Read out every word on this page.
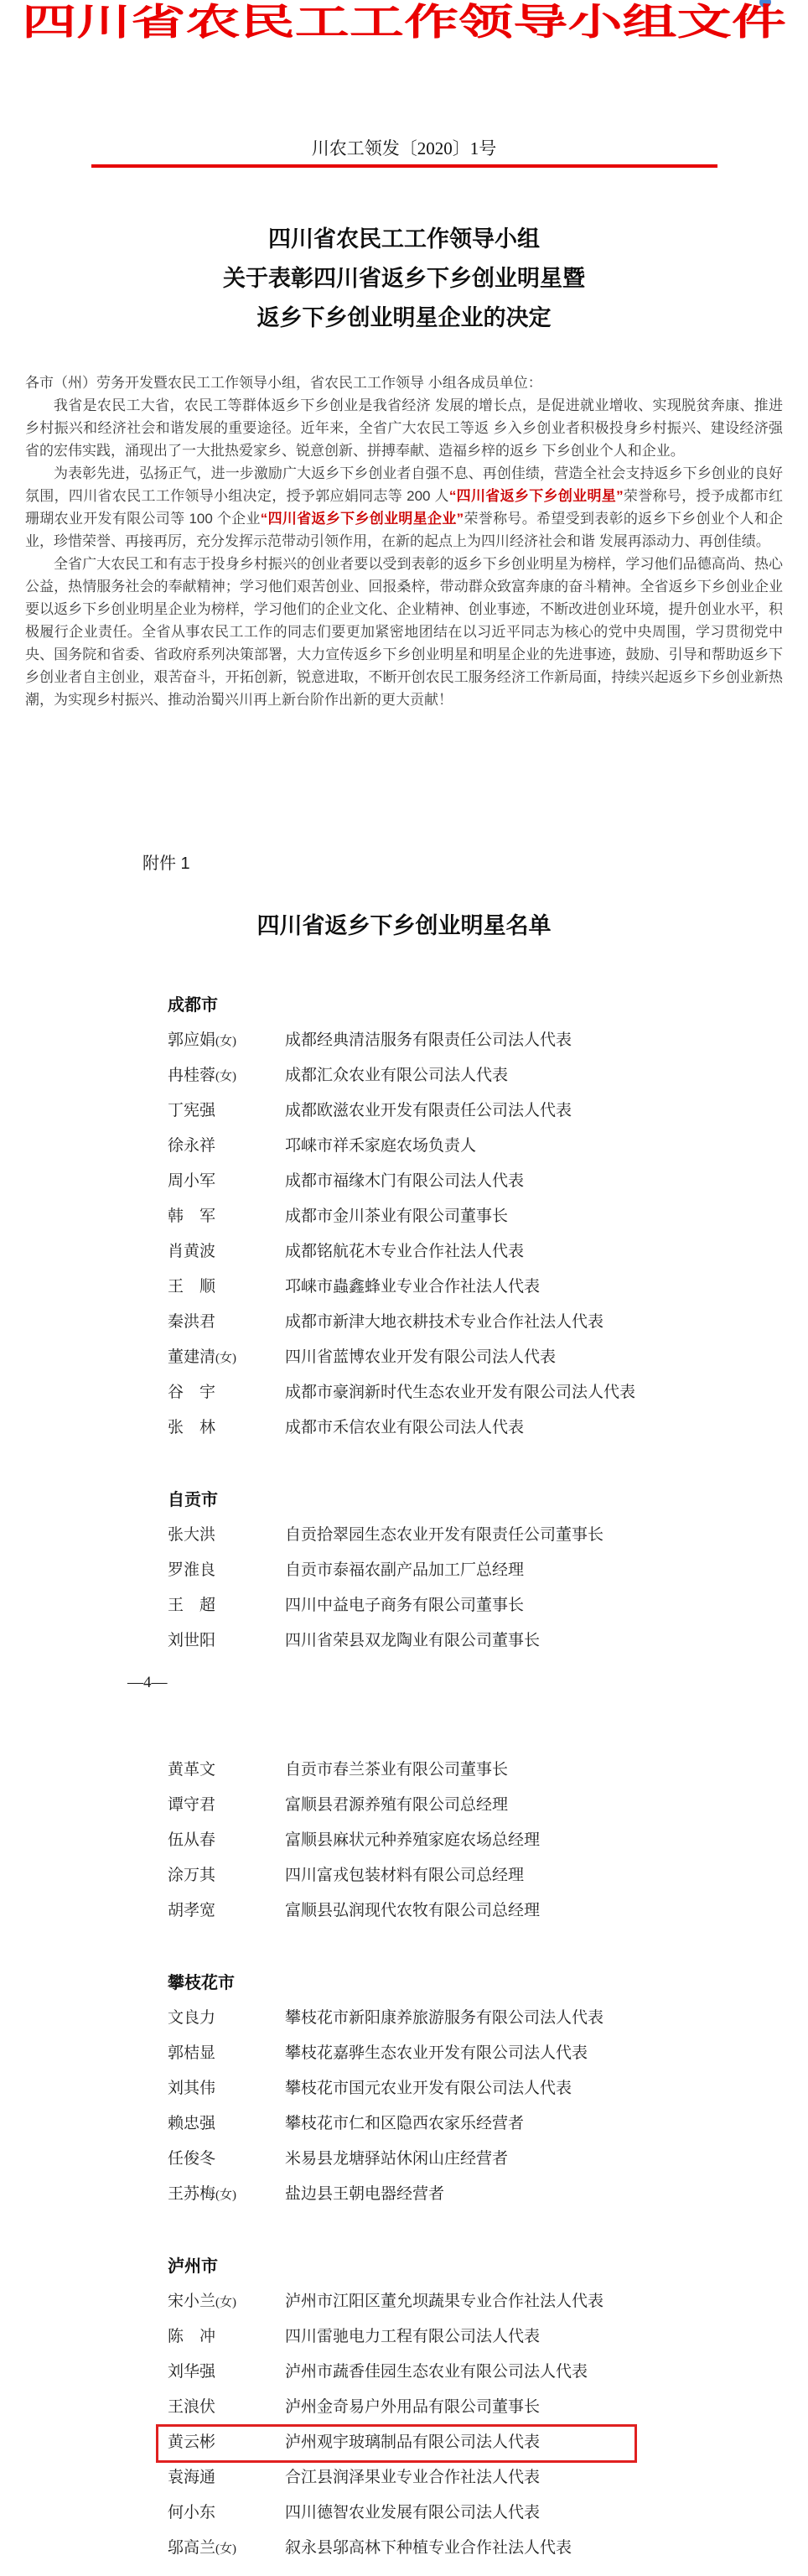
四川省农民工工作领导小组文件
川农工领发〔2020〕1号
四川省农民工工作领导小组
关于表彰四川省返乡下乡创业明星暨
返乡下乡创业明星企业的决定

各市（州）劳务开发暨农民工工作领导小组，省农民工工作领导 小组各成员单位：

我省是农民工大省，农民工等群体返乡下乡创业是我省经济 发展的增长点，是促进就业增收、实现脱贫奔康、推进乡村振兴和经济社会和谐发展的重要途径。近年来，全省广大农民工等返 乡入乡创业者积极投身乡村振兴、建设经济强省的宏伟实践，涌现出了一大批热爱家乡、锐意创新、拼搏奉献、造福乡梓的返乡 下乡创业个人和企业。

为表彰先进，弘扬正气，进一步激励广大返乡下乡创业者自强不息、再创佳绩，营造全社会支持返乡下乡创业的良好氛围，四川省农民工工作领导小组决定，授予郭应娟同志等 200 人“四川省返乡下乡创业明星”荣誉称号，授予成都市红珊瑚农业开发有限公司等 100 个企业“四川省返乡下乡创业明星企业”荣誉称号。希望受到表彰的返乡下乡创业个人和企业，珍惜荣誉、再接再厉，充分发挥示范带动引领作用，在新的起点上为四川经济社会和谐 发展再添动力、再创佳绩。

全省广大农民工和有志于投身乡村振兴的创业者要以受到表彰的返乡下乡创业明星为榜样，学习他们品德高尚、热心公益，热情服务社会的奉献精神；学习他们艰苦创业、回报桑梓，带动群众致富奔康的奋斗精神。全省返乡下乡创业企业要以返乡下乡创业明星企业为榜样，学习他们的企业文化、企业精神、创业事迹，不断改进创业环境，提升创业水平，积极履行企业责任。全省从事农民工工作的同志们要更加紧密地团结在以习近平同志为核心的党中央周围，学习贯彻党中央、国务院和省委、省政府系列决策部署，大力宣传返乡下乡创业明星和明星企业的先进事迹，鼓励、引导和帮助返乡下乡创业者自主创业，艰苦奋斗，开拓创新，锐意进取，不断开创农民工服务经济工作新局面，持续兴起返乡下乡创业新热潮，为实现乡村振兴、推动治蜀兴川再上新台阶作出新的更大贡献！

附件 1
四川省返乡下乡创业明星名单
成都市
郭应娟(女)	成都经典清洁服务有限责任公司法人代表
冉桂蓉(女)	成都汇众农业有限公司法人代表
丁宪强	成都欧滋农业开发有限责任公司法人代表
徐永祥	邛崃市祥禾家庭农场负责人
周小军	成都市福缘木门有限公司法人代表
韩　军	成都市金川茶业有限公司董事长
肖黄波	成都铭航花木专业合作社法人代表
王　顺	邛崃市蟲鑫蜂业专业合作社法人代表
秦洪君	成都市新津大地衣耕技术专业合作社法人代表
董建清(女)	四川省蓝博农业开发有限公司法人代表
谷　宇	成都市豪润新时代生态农业开发有限公司法人代表
张　林	成都市禾信农业有限公司法人代表
自贡市
张大洪	自贡拾翠园生态农业开发有限责任公司董事长
罗淮良	自贡市泰福农副产品加工厂总经理
王　超	四川中益电子商务有限公司董事长
刘世阳	四川省荣县双龙陶业有限公司董事长
—4—
黄革文	自贡市春兰茶业有限公司董事长
谭守君	富顺县君源养殖有限公司总经理
伍从春	富顺县麻状元种养殖家庭农场总经理
涂万其	四川富戎包装材料有限公司总经理
胡孝宽	富顺县弘润现代农牧有限公司总经理
攀枝花市
文良力	攀枝花市新阳康养旅游服务有限公司法人代表
郭桔显	攀枝花嘉骅生态农业开发有限公司法人代表
刘其伟	攀枝花市国元农业开发有限公司法人代表
赖忠强	攀枝花市仁和区隐西农家乐经营者
任俊冬	米易县龙塘驿站休闲山庄经营者
王苏梅(女)	盐边县王朝电器经营者
泸州市
宋小兰(女)	泸州市江阳区董允坝蔬果专业合作社法人代表
陈　冲	四川雷驰电力工程有限公司法人代表
刘华强	泸州市蔬香佳园生态农业有限公司法人代表
王浪伏	泸州金奇易户外用品有限公司董事长
黄云彬	泸州观宇玻璃制品有限公司法人代表
袁海通	合江县润泽果业专业合作社法人代表
何小东	四川德智农业发展有限公司法人代表
邬高兰(女)	叙永县邬高林下种植专业合作社法人代表
